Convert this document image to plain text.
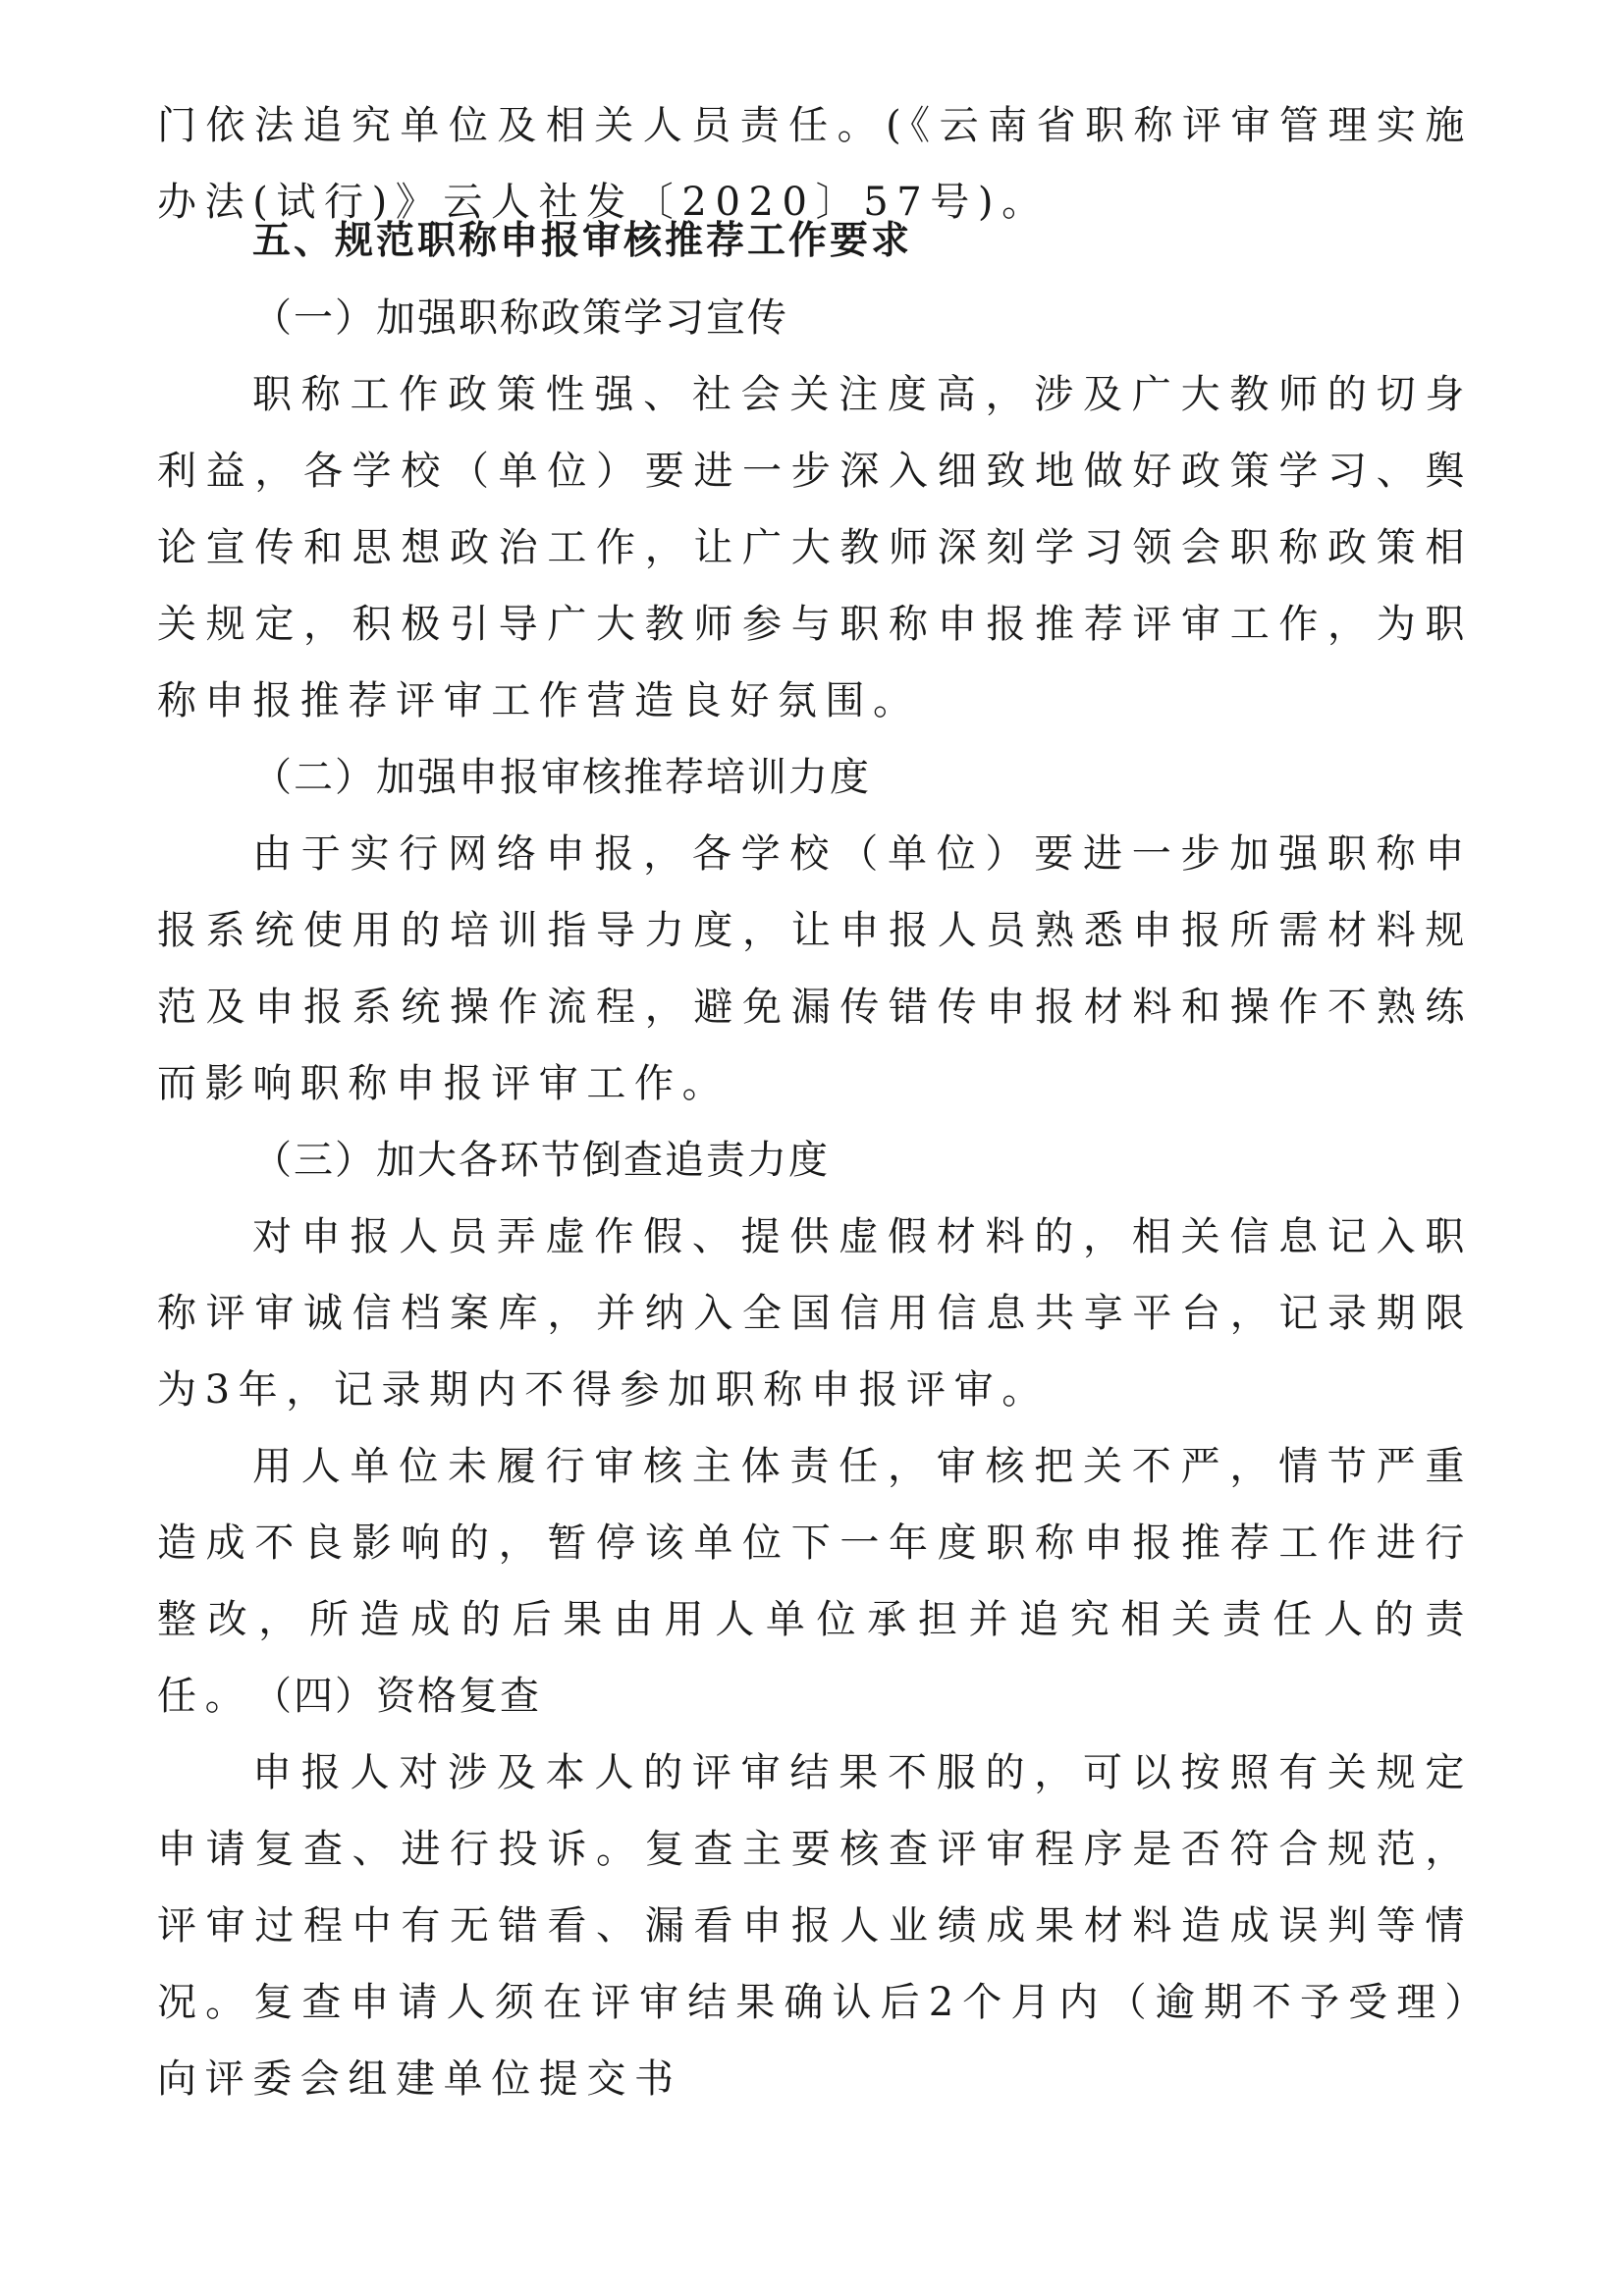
门依法追究单位及相关人员责任。(《云南省职称评审管理实施办法(试行)》云人社发〔2020〕57号)。

五、规范职称申报审核推荐工作要求
（一）加强职称政策学习宣传

职称工作政策性强、社会关注度高，涉及广大教师的切身利益，各学校（单位）要进一步深入细致地做好政策学习、舆论宣传和思想政治工作，让广大教师深刻学习领会职称政策相关规定，积极引导广大教师参与职称申报推荐评审工作，为职称申报推荐评审工作营造良好氛围。

（二）加强申报审核推荐培训力度

由于实行网络申报，各学校（单位）要进一步加强职称申报系统使用的培训指导力度，让申报人员熟悉申报所需材料规范及申报系统操作流程，避免漏传错传申报材料和操作不熟练而影响职称申报评审工作。

（三）加大各环节倒查追责力度

对申报人员弄虚作假、提供虚假材料的，相关信息记入职称评审诚信档案库，并纳入全国信用信息共享平台，记录期限为3年，记录期内不得参加职称申报评审。

用人单位未履行审核主体责任，审核把关不严，情节严重造成不良影响的，暂停该单位下一年度职称申报推荐工作进行整改，所造成的后果由用人单位承担并追究相关责任人的责任。 （四）资格复查

申报人对涉及本人的评审结果不服的，可以按照有关规定申请复查、进行投诉。复查主要核查评审程序是否符合规范，评审过程中有无错看、漏看申报人业绩成果材料造成误判等情况。复查申请人须在评审结果确认后2个月内（逾期不予受理）向评委会组建单位提交书
